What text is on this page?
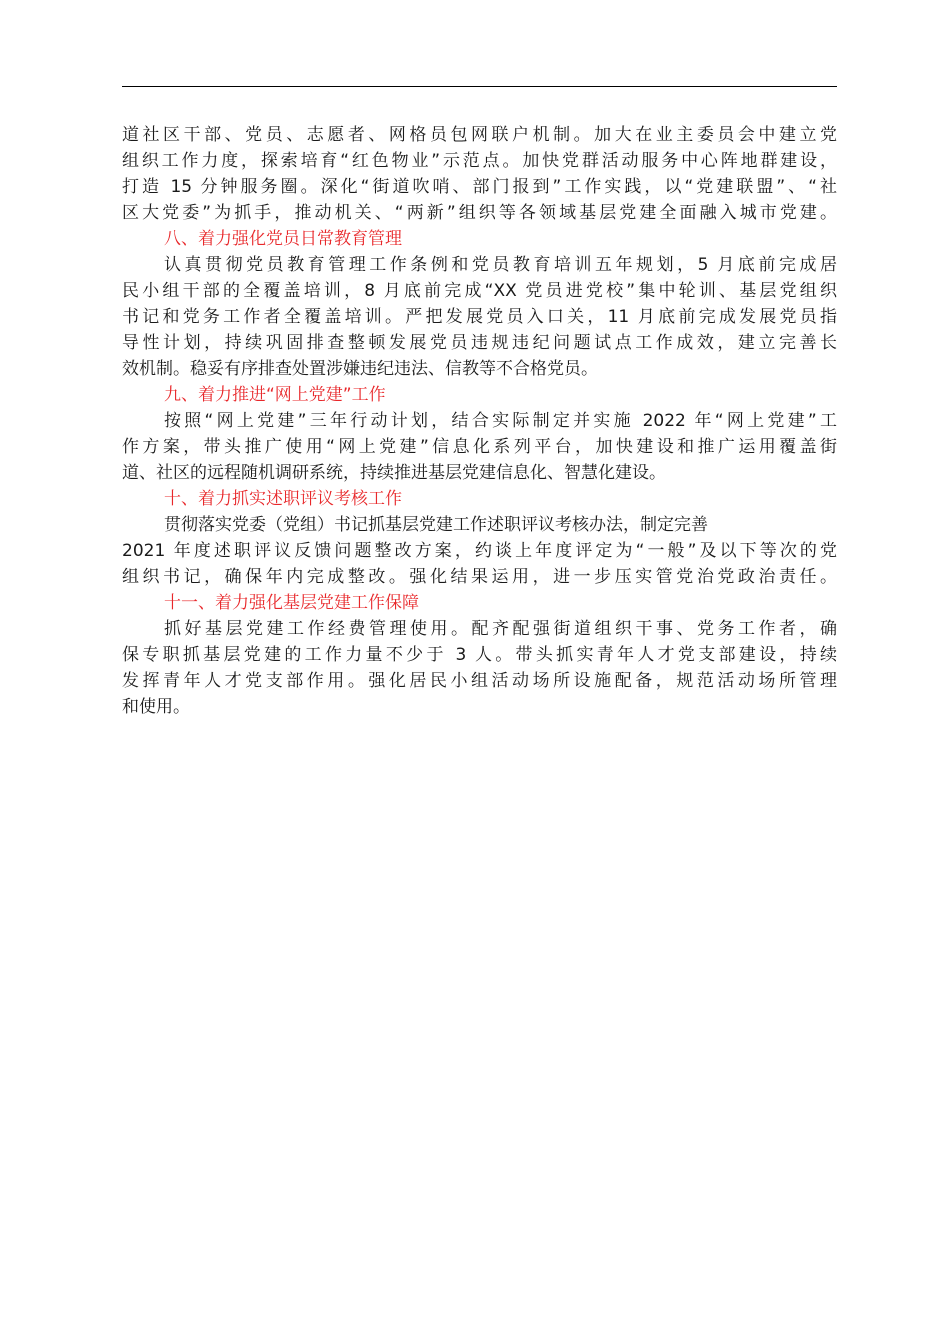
道社区干部、党员、志愿者、网格员包网联户机制。加大在业主委员会中建立党
组织工作力度，探索培育“红色物业”示范点。加快党群活动服务中心阵地群建设，
打造 15 分钟服务圈。深化“街道吹哨、部门报到”工作实践，以“党建联盟”、“社
区大党委”为抓手，推动机关、“两新”组织等各领域基层党建全面融入城市党建。
八、着力强化党员日常教育管理
认真贯彻党员教育管理工作条例和党员教育培训五年规划，5 月底前完成居
民小组干部的全覆盖培训，8 月底前完成“XX 党员进党校”集中轮训、基层党组织
书记和党务工作者全覆盖培训。严把发展党员入口关，11 月底前完成发展党员指
导性计划，持续巩固排查整顿发展党员违规违纪问题试点工作成效，建立完善长
效机制。稳妥有序排查处置涉嫌违纪违法、信教等不合格党员。
九、着力推进“网上党建”工作
按照“网上党建”三年行动计划，结合实际制定并实施 2022 年“网上党建”工
作方案，带头推广使用“网上党建”信息化系列平台，加快建设和推广运用覆盖街
道、社区的远程随机调研系统，持续推进基层党建信息化、智慧化建设。
十、着力抓实述职评议考核工作
贯彻落实党委（党组）书记抓基层党建工作述职评议考核办法，制定完善
2021 年度述职评议反馈问题整改方案，约谈上年度评定为“一般”及以下等次的党
组织书记，确保年内完成整改。强化结果运用，进一步压实管党治党政治责任。
十一、着力强化基层党建工作保障
抓好基层党建工作经费管理使用。配齐配强街道组织干事、党务工作者，确
保专职抓基层党建的工作力量不少于 3 人。带头抓实青年人才党支部建设，持续
发挥青年人才党支部作用。强化居民小组活动场所设施配备，规范活动场所管理
和使用。
